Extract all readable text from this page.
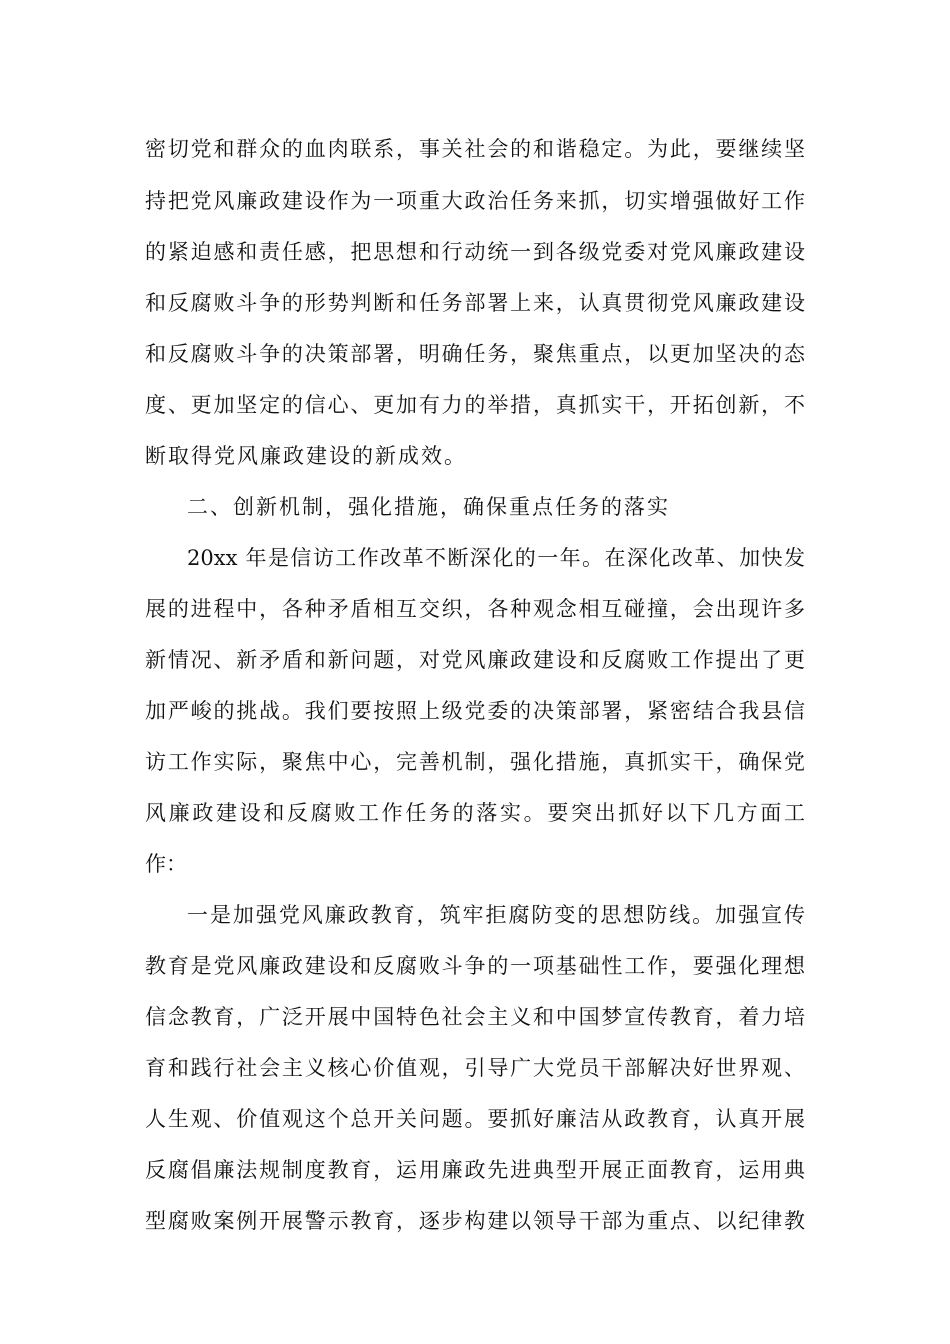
密切党和群众的血肉联系，事关社会的和谐稳定。为此，要继续坚
持把党风廉政建设作为一项重大政治任务来抓，切实增强做好工作
的紧迫感和责任感，把思想和行动统一到各级党委对党风廉政建设
和反腐败斗争的形势判断和任务部署上来，认真贯彻党风廉政建设
和反腐败斗争的决策部署，明确任务，聚焦重点，以更加坚决的态
度、更加坚定的信心、更加有力的举措，真抓实干，开拓创新，不
断取得党风廉政建设的新成效。
二、创新机制，强化措施，确保重点任务的落实
20xx 年是信访工作改革不断深化的一年。在深化改革、加快发
展的进程中，各种矛盾相互交织，各种观念相互碰撞，会出现许多
新情况、新矛盾和新问题，对党风廉政建设和反腐败工作提出了更
加严峻的挑战。我们要按照上级党委的决策部署，紧密结合我县信
访工作实际，聚焦中心，完善机制，强化措施，真抓实干，确保党
风廉政建设和反腐败工作任务的落实。要突出抓好以下几方面工
作：
一是加强党风廉政教育，筑牢拒腐防变的思想防线。加强宣传
教育是党风廉政建设和反腐败斗争的一项基础性工作，要强化理想
信念教育，广泛开展中国特色社会主义和中国梦宣传教育，着力培
育和践行社会主义核心价值观，引导广大党员干部解决好世界观、
人生观、价值观这个总开关问题。要抓好廉洁从政教育，认真开展
反腐倡廉法规制度教育，运用廉政先进典型开展正面教育，运用典
型腐败案例开展警示教育，逐步构建以领导干部为重点、以纪律教
